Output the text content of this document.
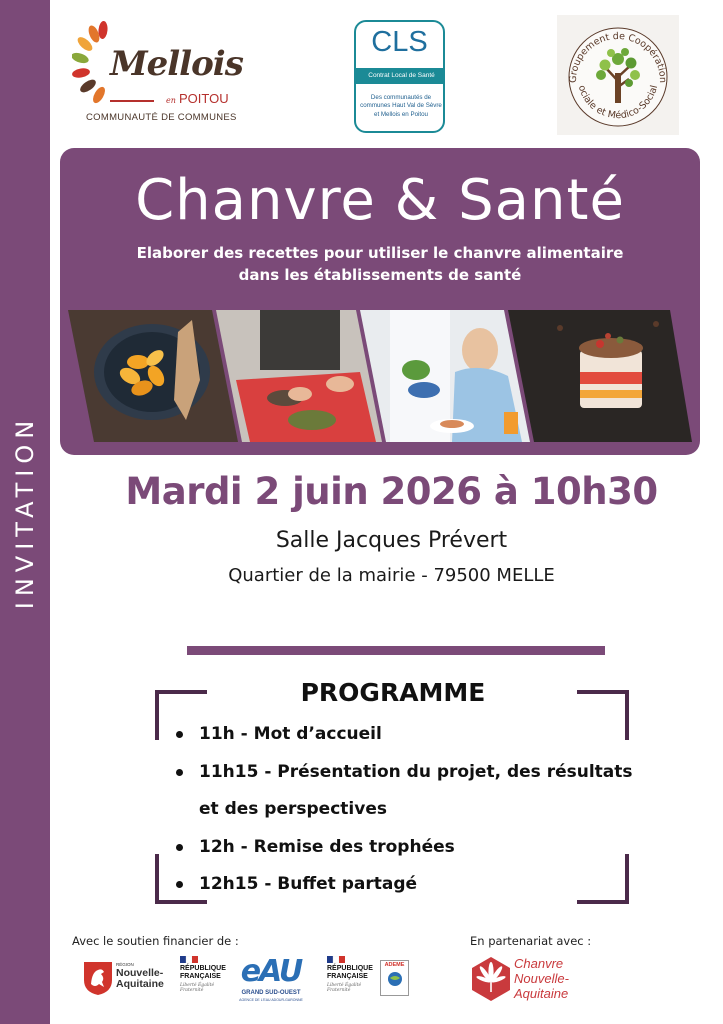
INVITATION
Mellois
en POITOU
COMMUNAUTÉ DE COMMUNES
CLS
Contrat Local de Santé
Des communautés de communes Haut Val de Sèvre et Mellois en Poitou
Groupement de Coopération
ociale et Médico-Social
Chanvre & Santé
Elaborer des recettes pour utiliser le chanvre alimentaire
dans les établissements de santé
Mardi 2 juin 2026 à 10h30
Salle Jacques Prévert
Quartier de la mairie - 79500 MELLE
PROGRAMME
11h - Mot d’accueil
11h15 - Présentation du projet, des résultats et des perspectives
12h - Remise des trophées
12h15 - Buffet partagé
Avec le soutien financier de :	En partenariat avec :
RÉGION
Nouvelle-
Aquitaine
RÉPUBLIQUE
FRANÇAISE
Liberté Égalité Fraternité
eAU
GRAND SUD-OUEST
AGENCE DE L'EAU ADOUR-GARONNE
RÉPUBLIQUE
FRANÇAISE
Liberté Égalité Fraternité
ADEME	Chanvre
Nouvelle-
Aquitaine
